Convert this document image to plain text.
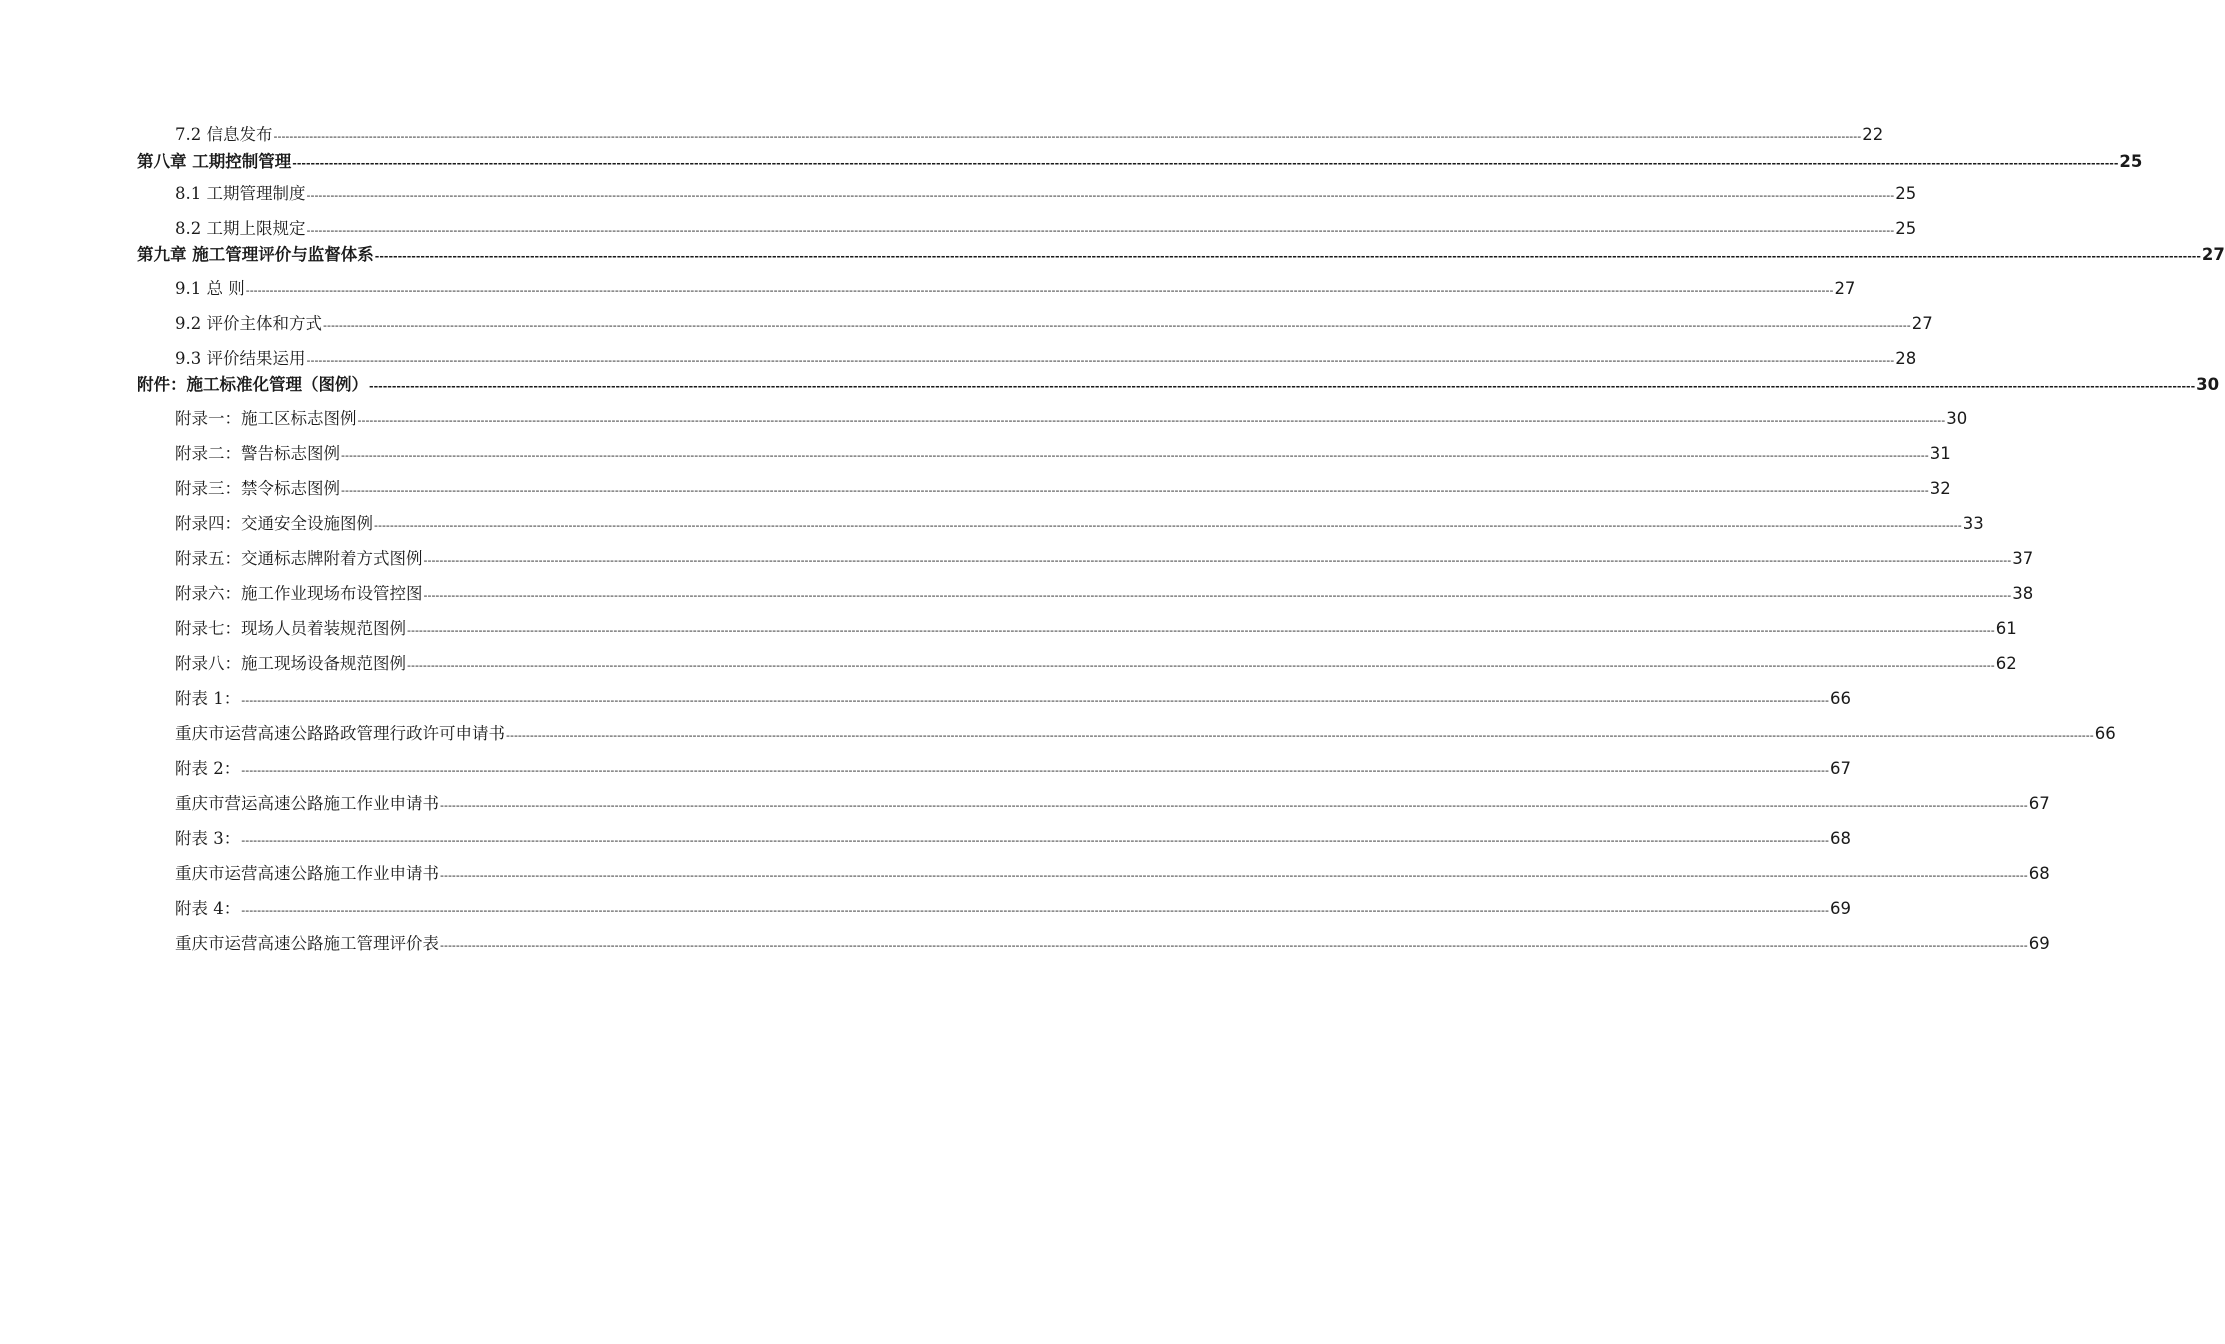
7.2 信息发布 ---------------------------------------------------------------------------------------------------------------------------------------------------------------------------------------------------------------------------------------------------------------------------------------------------------------------------------------------------------------------------------------------------------------- 22
第八章 工期控制管理 ---------------------------------------------------------------------------------------------------------------------------------------------------------------------------------------------------------------------------------------------------------------------------------------------------------------------------------------------------------------------------------------------------------------- 25
8.1 工期管理制度 ---------------------------------------------------------------------------------------------------------------------------------------------------------------------------------------------------------------------------------------------------------------------------------------------------------------------------------------------------------------------------------------------------------------- 25
8.2 工期上限规定 ---------------------------------------------------------------------------------------------------------------------------------------------------------------------------------------------------------------------------------------------------------------------------------------------------------------------------------------------------------------------------------------------------------------- 25
第九章 施工管理评价与监督体系 ---------------------------------------------------------------------------------------------------------------------------------------------------------------------------------------------------------------------------------------------------------------------------------------------------------------------------------------------------------------------------------------------------------------- 27
9.1 总 则 ---------------------------------------------------------------------------------------------------------------------------------------------------------------------------------------------------------------------------------------------------------------------------------------------------------------------------------------------------------------------------------------------------------------- 27
9.2 评价主体和方式 ---------------------------------------------------------------------------------------------------------------------------------------------------------------------------------------------------------------------------------------------------------------------------------------------------------------------------------------------------------------------------------------------------------------- 27
9.3 评价结果运用 ---------------------------------------------------------------------------------------------------------------------------------------------------------------------------------------------------------------------------------------------------------------------------------------------------------------------------------------------------------------------------------------------------------------- 28
附件：施工标准化管理（图例） ---------------------------------------------------------------------------------------------------------------------------------------------------------------------------------------------------------------------------------------------------------------------------------------------------------------------------------------------------------------------------------------------------------------- 30
附录一：施工区标志图例 ---------------------------------------------------------------------------------------------------------------------------------------------------------------------------------------------------------------------------------------------------------------------------------------------------------------------------------------------------------------------------------------------------------------- 30
附录二：警告标志图例 ---------------------------------------------------------------------------------------------------------------------------------------------------------------------------------------------------------------------------------------------------------------------------------------------------------------------------------------------------------------------------------------------------------------- 31
附录三：禁令标志图例 ---------------------------------------------------------------------------------------------------------------------------------------------------------------------------------------------------------------------------------------------------------------------------------------------------------------------------------------------------------------------------------------------------------------- 32
附录四：交通安全设施图例 ---------------------------------------------------------------------------------------------------------------------------------------------------------------------------------------------------------------------------------------------------------------------------------------------------------------------------------------------------------------------------------------------------------------- 33
附录五：交通标志牌附着方式图例 ---------------------------------------------------------------------------------------------------------------------------------------------------------------------------------------------------------------------------------------------------------------------------------------------------------------------------------------------------------------------------------------------------------------- 37
附录六：施工作业现场布设管控图 ---------------------------------------------------------------------------------------------------------------------------------------------------------------------------------------------------------------------------------------------------------------------------------------------------------------------------------------------------------------------------------------------------------------- 38
附录七：现场人员着装规范图例 ---------------------------------------------------------------------------------------------------------------------------------------------------------------------------------------------------------------------------------------------------------------------------------------------------------------------------------------------------------------------------------------------------------------- 61
附录八：施工现场设备规范图例 ---------------------------------------------------------------------------------------------------------------------------------------------------------------------------------------------------------------------------------------------------------------------------------------------------------------------------------------------------------------------------------------------------------------- 62
附表 1： ---------------------------------------------------------------------------------------------------------------------------------------------------------------------------------------------------------------------------------------------------------------------------------------------------------------------------------------------------------------------------------------------------------------- 66
重庆市运营高速公路路政管理行政许可申请书 ---------------------------------------------------------------------------------------------------------------------------------------------------------------------------------------------------------------------------------------------------------------------------------------------------------------------------------------------------------------------------------------------------------------- 66
附表 2： ---------------------------------------------------------------------------------------------------------------------------------------------------------------------------------------------------------------------------------------------------------------------------------------------------------------------------------------------------------------------------------------------------------------- 67
重庆市营运高速公路施工作业申请书 ---------------------------------------------------------------------------------------------------------------------------------------------------------------------------------------------------------------------------------------------------------------------------------------------------------------------------------------------------------------------------------------------------------------- 67
附表 3： ---------------------------------------------------------------------------------------------------------------------------------------------------------------------------------------------------------------------------------------------------------------------------------------------------------------------------------------------------------------------------------------------------------------- 68
重庆市运营高速公路施工作业申请书 ---------------------------------------------------------------------------------------------------------------------------------------------------------------------------------------------------------------------------------------------------------------------------------------------------------------------------------------------------------------------------------------------------------------- 68
附表 4： ---------------------------------------------------------------------------------------------------------------------------------------------------------------------------------------------------------------------------------------------------------------------------------------------------------------------------------------------------------------------------------------------------------------- 69
重庆市运营高速公路施工管理评价表 ---------------------------------------------------------------------------------------------------------------------------------------------------------------------------------------------------------------------------------------------------------------------------------------------------------------------------------------------------------------------------------------------------------------- 69
